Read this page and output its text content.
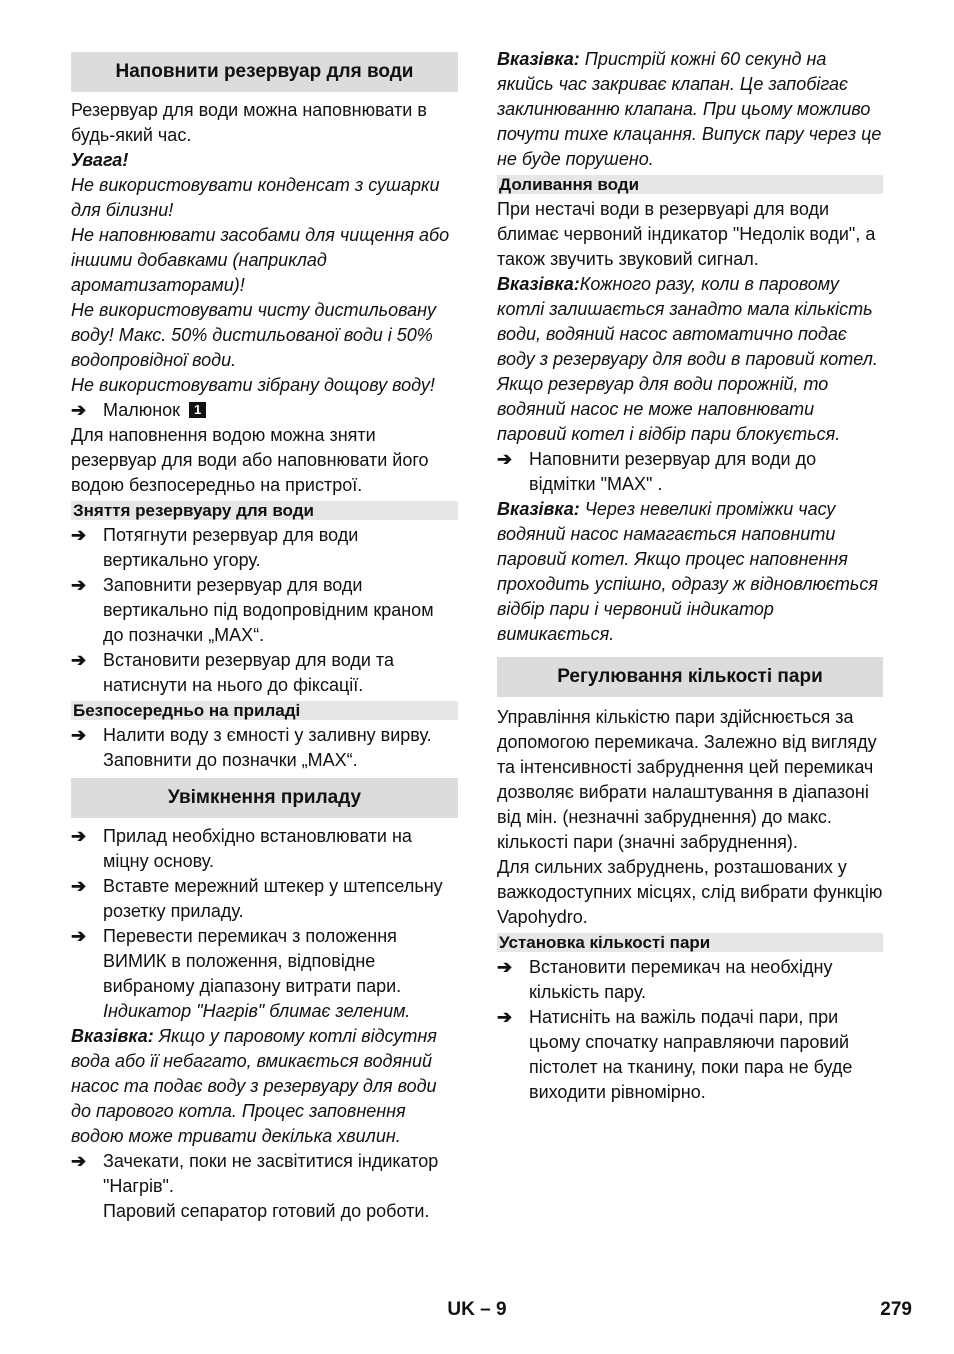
Наповнити резервуар для води

Резервуар для води можна наповнювати в будь-який час.

Увага!

Не використовувати конденсат з сушарки для білизни!

Не наповнювати засобами для чищення або іншими добавками (наприклад ароматизаторами)!

Не використовувати чисту дистильовану воду! Макс. 50% дистильованої води і 50% водопровідної води.

Не використовувати зібрану дощову воду!

➔ Малюнок 1

Для наповнення водою можна зняти резервуар для води або наповнювати його водою безпосередньо на пристрої.

Зняття резервуару для води
➔ Потягнути резервуар для води вертикально угору.
➔ Заповнити резервуар для води вертикально під водопровідним краном до позначки „MAX“.
➔ Встановити резервуар для води та натиснути на нього до фіксації.
Безпосередньо на приладі
➔ Налити воду з ємності у заливну вирву. Заповнити до позначки „MAX“.
Увімкнення приладу
➔ Прилад необхідно встановлювати на міцну основу.
➔ Вставте мережний штекер у штепсельну розетку приладу.
➔ Перевести перемикач з положення ВИМИК в положення, відповідне вибраному діапазону витрати пари.

Індикатор "Нагрів" блимає зеленим.

Вказівка: Якщо у паровому котлі відсутня вода або її небагато, вмикається водяний насос та подає воду з резервуару для води до парового котла. Процес заповнення водою може тривати декілька хвилин.

➔ Зачекати, поки не засвітитися індикатор "Нагрів".

Паровий сепаратор готовий до роботи.

Вказівка: Пристрій кожні 60 секунд на якийсь час закриває клапан. Це запобігає заклинюванню клапана. При цьому можливо почути тихе клацання. Випуск пару через це не буде порушено.

Доливання води

При нестачі води в резервуарі для води блимає червоний індикатор "Недолік води", а також звучить звуковий сигнал.

Вказівка:Кожного разу, коли в паровому котлі залишається занадто мала кількість води, водяний насос автоматично подає воду з резервуару для води в паровий котел. Якщо резервуар для води порожній, то водяний насос не може наповнювати паровий котел і відбір пари блокується.

➔ Наповнити резервуар для води до відмітки "MAX" .

Вказівка: Через невеликі проміжки часу водяний насос намагається наповнити паровий котел. Якщо процес наповнення проходить успішно, одразу ж відновлюється відбір пари і червоний індикатор вимикається.

Регулювання кількості пари

Управління кількістю пари здійснюється за допомогою перемикача. Залежно від вигляду та інтенсивності забруднення цей перемикач дозволяє вибрати налаштування в діапазоні від мін. (незначні забруднення) до макс. кількості пари (значні забруднення).

Для сильних забруднень, розташованих у важкодоступних місцях, слід вибрати функцію Vapohydro.

Установка кількості пари
➔ Встановити перемикач на необхідну кількість пару.
➔ Натисніть на важіль подачі пари, при цьому спочатку направляючи паровий пістолет на тканину, поки пара не буде виходити рівномірно.
UK – 9	279
